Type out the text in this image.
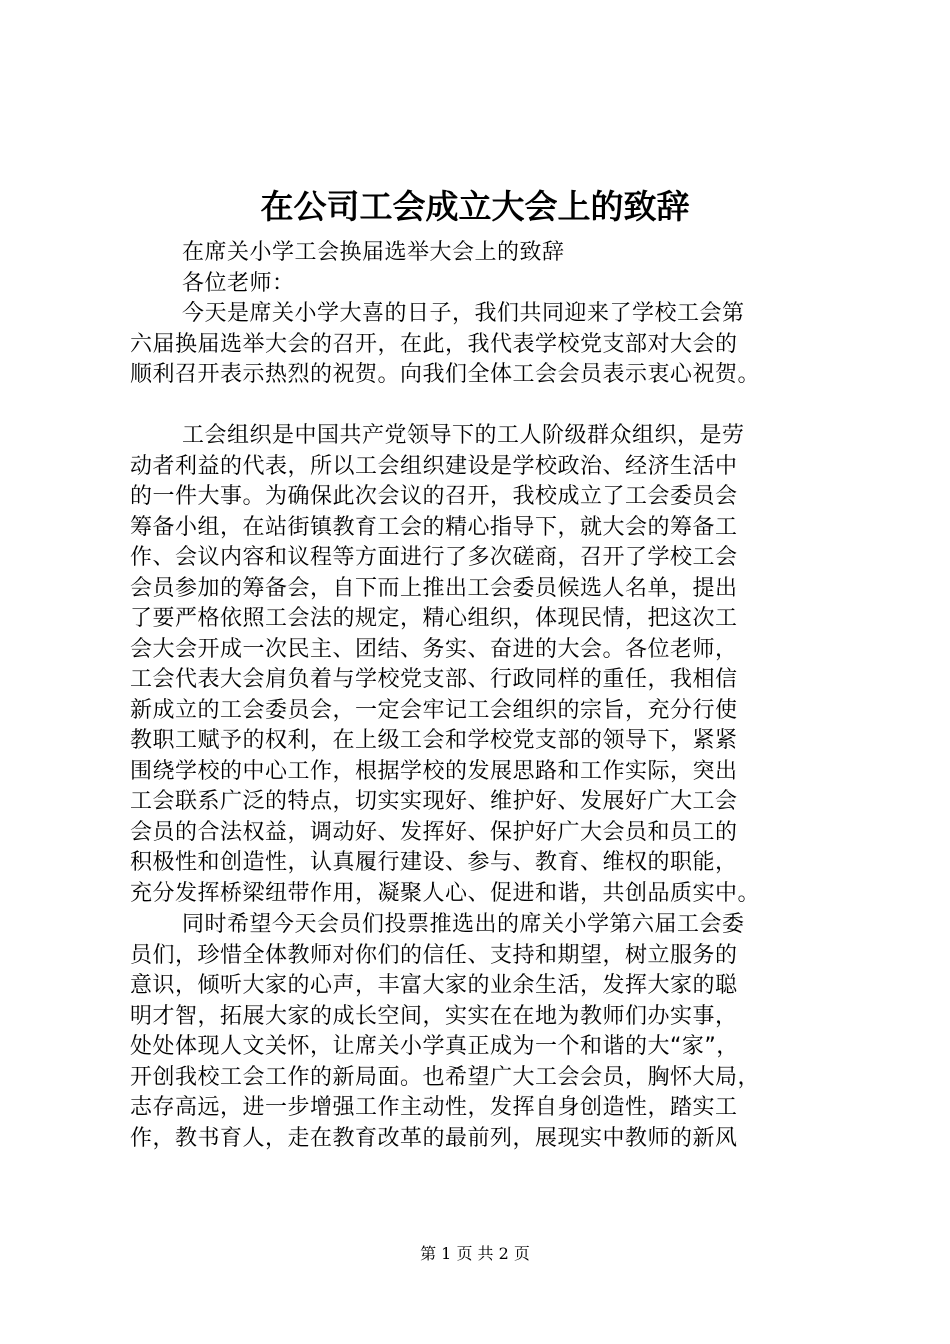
在公司工会成立大会上的致辞
在席关小学工会换届选举大会上的致辞
各位老师：
今天是席关小学大喜的日子，我们共同迎来了学校工会第
六届换届选举大会的召开，在此，我代表学校党支部对大会的
顺利召开表示热烈的祝贺。向我们全体工会会员表示衷心祝贺。
工会组织是中国共产党领导下的工人阶级群众组织，是劳
动者利益的代表，所以工会组织建设是学校政治、经济生活中
的一件大事。为确保此次会议的召开，我校成立了工会委员会
筹备小组，在站街镇教育工会的精心指导下，就大会的筹备工
作、会议内容和议程等方面进行了多次磋商，召开了学校工会
会员参加的筹备会，自下而上推出工会委员候选人名单，提出
了要严格依照工会法的规定，精心组织，体现民情，把这次工
会大会开成一次民主、团结、务实、奋进的大会。各位老师，
工会代表大会肩负着与学校党支部、行政同样的重任，我相信
新成立的工会委员会，一定会牢记工会组织的宗旨，充分行使
教职工赋予的权利，在上级工会和学校党支部的领导下，紧紧
围绕学校的中心工作，根据学校的发展思路和工作实际，突出
工会联系广泛的特点，切实实现好、维护好、发展好广大工会
会员的合法权益，调动好、发挥好、保护好广大会员和员工的
积极性和创造性，认真履行建设、参与、教育、维权的职能，
充分发挥桥梁纽带作用，凝聚人心、促进和谐，共创品质实中。
同时希望今天会员们投票推选出的席关小学第六届工会委
员们，珍惜全体教师对你们的信任、支持和期望，树立服务的
意识，倾听大家的心声，丰富大家的业余生活，发挥大家的聪
明才智，拓展大家的成长空间，实实在在地为教师们办实事，
处处体现人文关怀，让席关小学真正成为一个和谐的大“家”，
开创我校工会工作的新局面。也希望广大工会会员，胸怀大局，
志存高远，进一步增强工作主动性，发挥自身创造性，踏实工
作，教书育人，走在教育改革的最前列，展现实中教师的新风
第 1 页 共 2 页
